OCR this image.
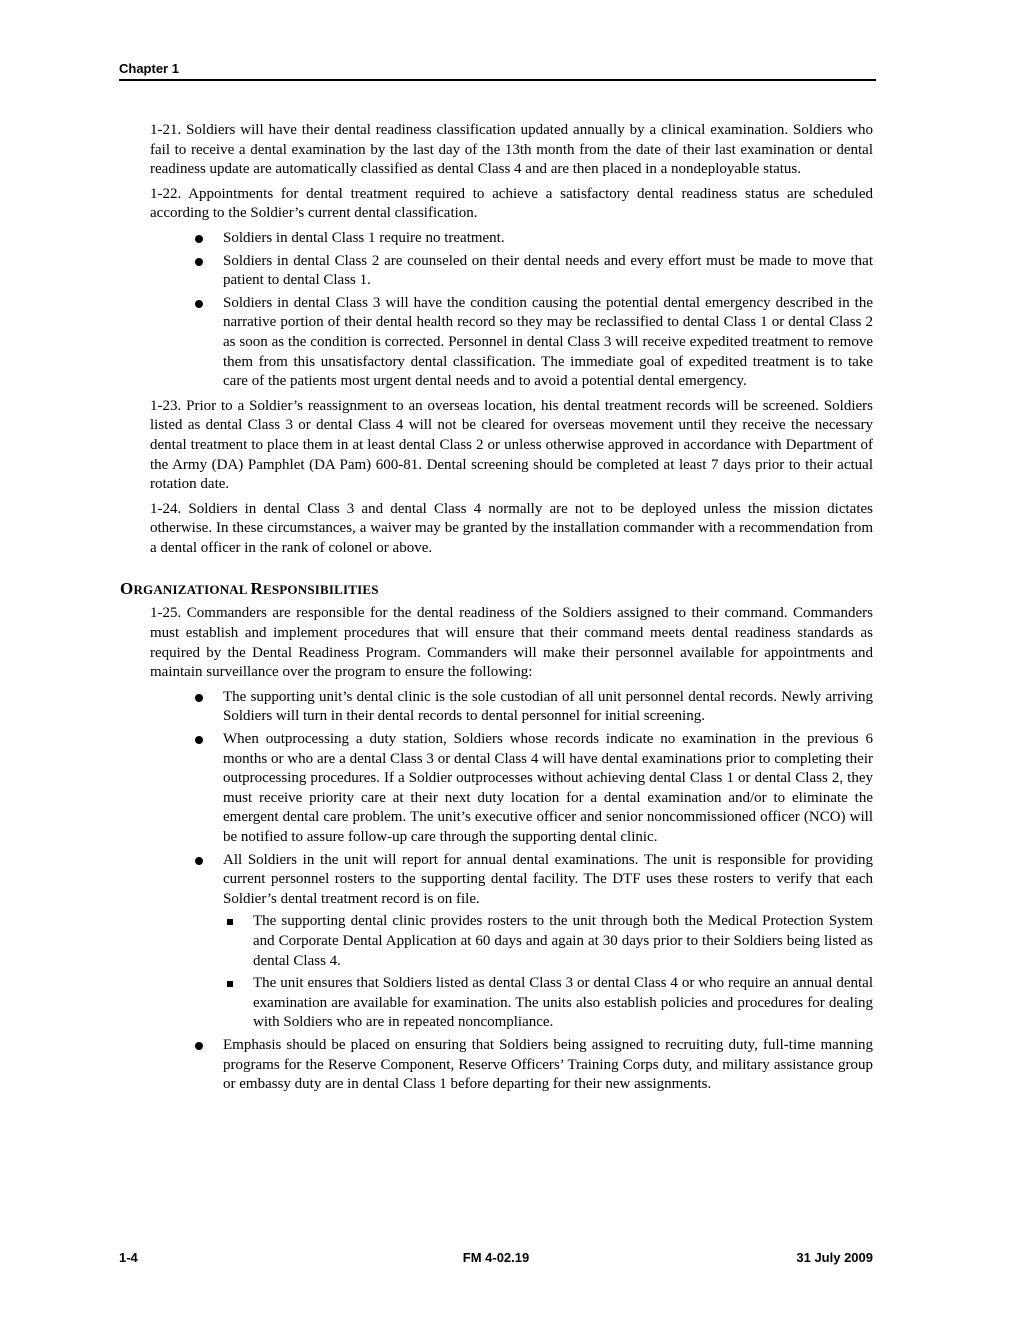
Chapter 1

1-21. Soldiers will have their dental readiness classification updated annually by a clinical examination. Soldiers who fail to receive a dental examination by the last day of the 13th month from the date of their last examination or dental readiness update are automatically classified as dental Class 4 and are then placed in a nondeployable status.

1-22. Appointments for dental treatment required to achieve a satisfactory dental readiness status are scheduled according to the Soldier’s current dental classification.

Soldiers in dental Class 1 require no treatment.
Soldiers in dental Class 2 are counseled on their dental needs and every effort must be made to move that patient to dental Class 1.
Soldiers in dental Class 3 will have the condition causing the potential dental emergency described in the narrative portion of their dental health record so they may be reclassified to dental Class 1 or dental Class 2 as soon as the condition is corrected. Personnel in dental Class 3 will receive expedited treatment to remove them from this unsatisfactory dental classification. The immediate goal of expedited treatment is to take care of the patients most urgent dental needs and to avoid a potential dental emergency.

1-23. Prior to a Soldier’s reassignment to an overseas location, his dental treatment records will be screened. Soldiers listed as dental Class 3 or dental Class 4 will not be cleared for overseas movement until they receive the necessary dental treatment to place them in at least dental Class 2 or unless otherwise approved in accordance with Department of the Army (DA) Pamphlet (DA Pam) 600-81. Dental screening should be completed at least 7 days prior to their actual rotation date.

1-24. Soldiers in dental Class 3 and dental Class 4 normally are not to be deployed unless the mission dictates otherwise. In these circumstances, a waiver may be granted by the installation commander with a recommendation from a dental officer in the rank of colonel or above.

ORGANIZATIONAL RESPONSIBILITIES

1-25. Commanders are responsible for the dental readiness of the Soldiers assigned to their command. Commanders must establish and implement procedures that will ensure that their command meets dental readiness standards as required by the Dental Readiness Program. Commanders will make their personnel available for appointments and maintain surveillance over the program to ensure the following:

The supporting unit’s dental clinic is the sole custodian of all unit personnel dental records. Newly arriving Soldiers will turn in their dental records to dental personnel for initial screening.
When outprocessing a duty station, Soldiers whose records indicate no examination in the previous 6 months or who are a dental Class 3 or dental Class 4 will have dental examinations prior to completing their outprocessing procedures. If a Soldier outprocesses without achieving dental Class 1 or dental Class 2, they must receive priority care at their next duty location for a dental examination and/or to eliminate the emergent dental care problem. The unit’s executive officer and senior noncommissioned officer (NCO) will be notified to assure follow-up care through the supporting dental clinic.
All Soldiers in the unit will report for annual dental examinations. The unit is responsible for providing current personnel rosters to the supporting dental facility. The DTF uses these rosters to verify that each Soldier’s dental treatment record is on file.
The supporting dental clinic provides rosters to the unit through both the Medical Protection System and Corporate Dental Application at 60 days and again at 30 days prior to their Soldiers being listed as dental Class 4.
The unit ensures that Soldiers listed as dental Class 3 or dental Class 4 or who require an annual dental examination are available for examination. The units also establish policies and procedures for dealing with Soldiers who are in repeated noncompliance.
Emphasis should be placed on ensuring that Soldiers being assigned to recruiting duty, full-time manning programs for the Reserve Component, Reserve Officers’ Training Corps duty, and military assistance group or embassy duty are in dental Class 1 before departing for their new assignments.
1-4	FM 4-02.19	31 July 2009
